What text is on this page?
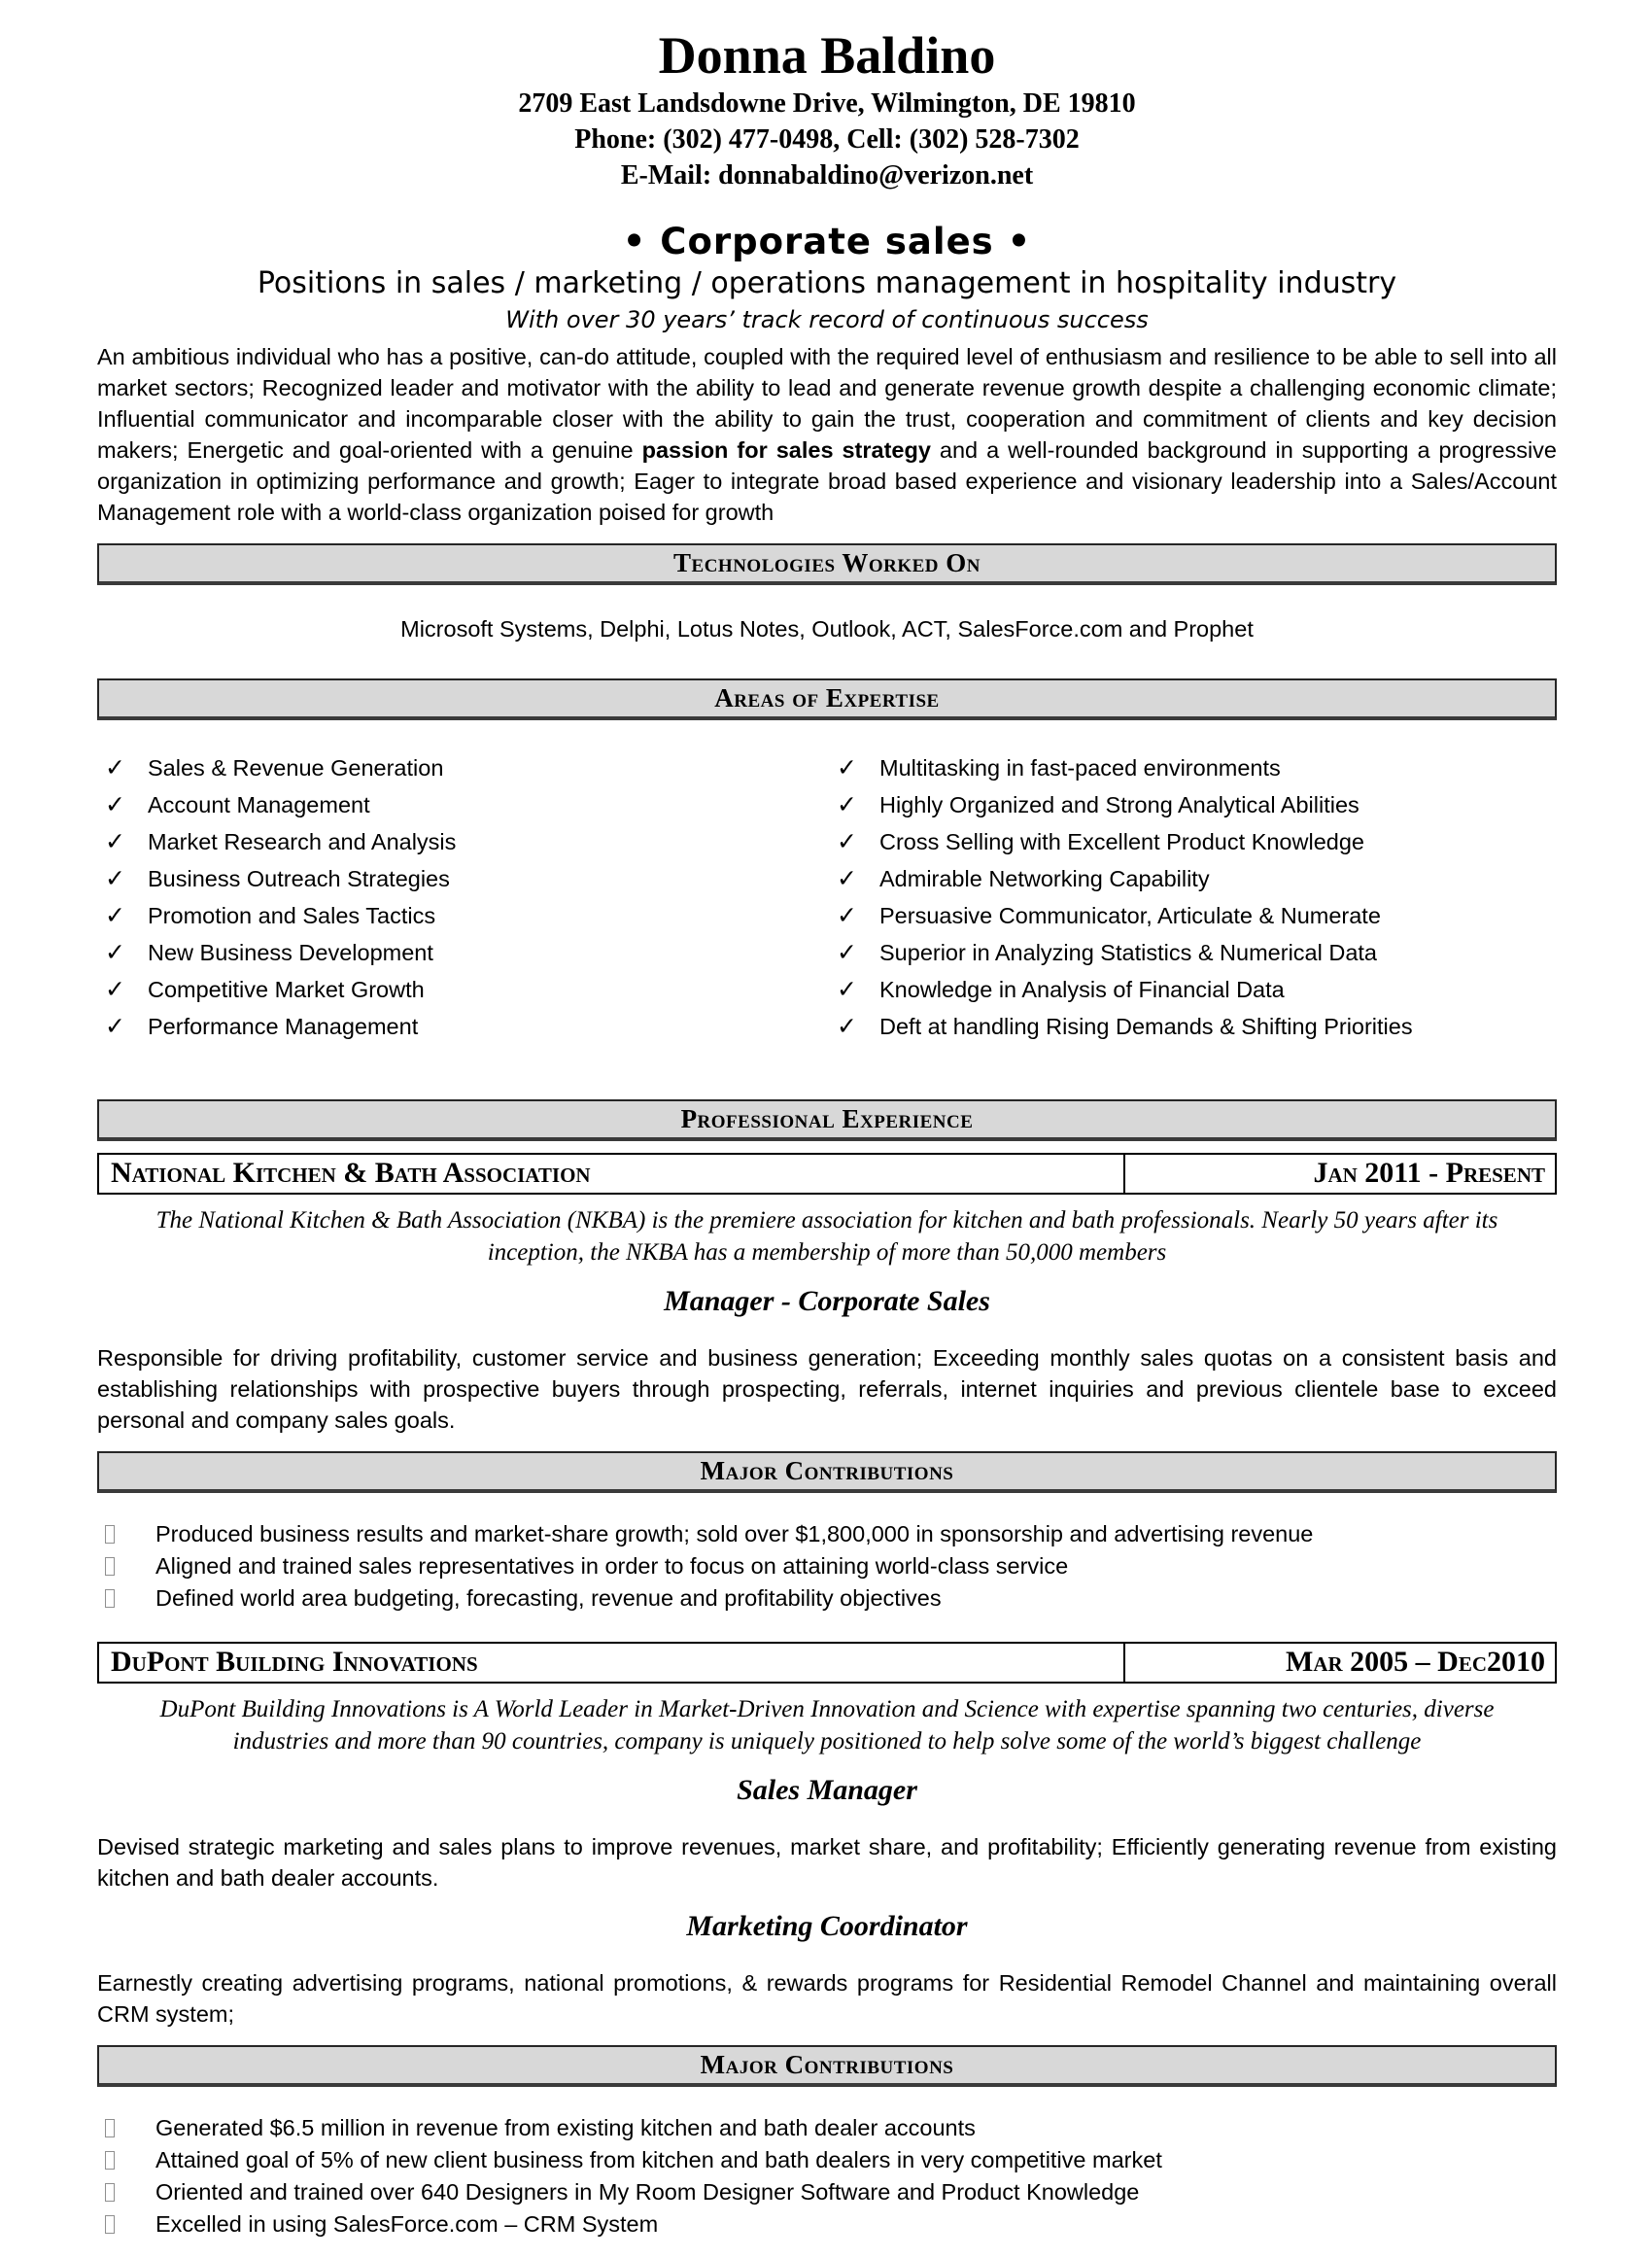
Donna Baldino
2709 East Landsdowne Drive, Wilmington, DE 19810
Phone: (302) 477-0498, Cell: (302) 528-7302
E-Mail: donnabaldino@verizon.net
• Corporate sales •
Positions in sales / marketing / operations management in hospitality industry
With over 30 years’ track record of continuous success

An ambitious individual who has a positive, can-do attitude, coupled with the required level of enthusiasm and resilience to be able to sell into all market sectors; Recognized leader and motivator with the ability to lead and generate revenue growth despite a challenging economic climate; Influential communicator and incomparable closer with the ability to gain the trust, cooperation and commitment of clients and key decision makers; Energetic and goal-oriented with a genuine passion for sales strategy and a well-rounded background in supporting a progressive organization in optimizing performance and growth; Eager to integrate broad based experience and visionary leadership into a Sales/Account Management role with a world-class organization poised for growth

Technologies Worked On

Microsoft Systems, Delphi, Lotus Notes, Outlook, ACT, SalesForce.com and Prophet

Areas of Expertise
✓ Sales & Revenue Generation
✓ Account Management
✓ Market Research and Analysis
✓ Business Outreach Strategies
✓ Promotion and Sales Tactics
✓ New Business Development
✓ Competitive Market Growth
✓ Performance Management
✓ Multitasking in fast-paced environments
✓ Highly Organized and Strong Analytical Abilities
✓ Cross Selling with Excellent Product Knowledge
✓ Admirable Networking Capability
✓ Persuasive Communicator, Articulate & Numerate
✓ Superior in Analyzing Statistics & Numerical Data
✓ Knowledge in Analysis of Financial Data
✓ Deft at handling Rising Demands & Shifting Priorities
Professional Experience
National Kitchen & Bath Association	Jan 2011 - Present

The National Kitchen & Bath Association (NKBA) is the premiere association for kitchen and bath professionals. Nearly 50 years after its inception, the NKBA has a membership of more than 50,000 members

Manager - Corporate Sales

Responsible for driving profitability, customer service and business generation; Exceeding monthly sales quotas on a consistent basis and establishing relationships with prospective buyers through prospecting, referrals, internet inquiries and previous clientele base to exceed personal and company sales goals.

Major Contributions
Produced business results and market-share growth; sold over $1,800,000 in sponsorship and advertising revenue
Aligned and trained sales representatives in order to focus on attaining world-class service
Defined world area budgeting, forecasting, revenue and profitability objectives
DuPont Building Innovations	Mar 2005 – Dec2010

DuPont Building Innovations is A World Leader in Market-Driven Innovation and Science with expertise spanning two centuries, diverse industries and more than 90 countries, company is uniquely positioned to help solve some of the world’s biggest challenge

Sales Manager

Devised strategic marketing and sales plans to improve revenues, market share, and profitability; Efficiently generating revenue from existing kitchen and bath dealer accounts.

Marketing Coordinator

Earnestly creating advertising programs, national promotions, & rewards programs for Residential Remodel Channel and maintaining overall CRM system;

Major Contributions
Generated $6.5 million in revenue from existing kitchen and bath dealer accounts
Attained goal of 5% of new client business from kitchen and bath dealers in very competitive market
Oriented and trained over 640 Designers in My Room Designer Software and Product Knowledge
Excelled in using SalesForce.com – CRM System
